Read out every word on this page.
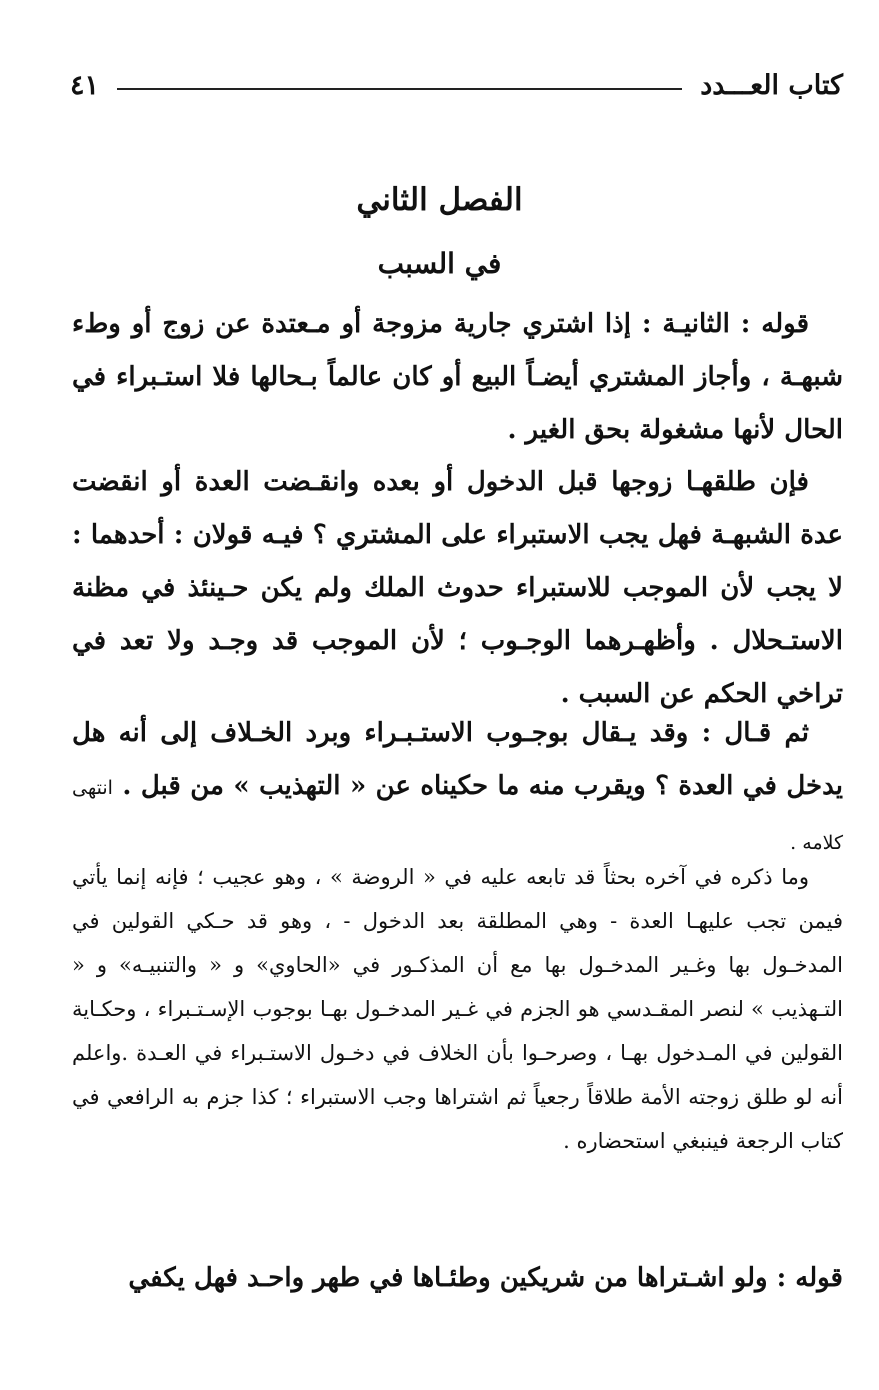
كتاب العـــدد
٤١
الفصل الثاني
في السبب

قوله : الثانيـة : إذا اشتري جارية مزوجة أو مـعتدة عن زوج أو وطء شبهـة ، وأجاز المشتري أيضـاً البيع أو كان عالماً بـحالها فلا استـبراء في الحال لأنها مشغولة بحق الغير .

فإن طلقهـا زوجها قبل الدخول أو بعده وانقـضت العدة أو انقضت عدة الشبهـة فهل يجب الاستبراء على المشتري ؟ فيـه قولان : أحدهما : لا يجب لأن الموجب للاستبراء حدوث الملك ولم يكن حـينئذ في مظنة الاستـحلال . وأظهـرهما الوجـوب ؛ لأن الموجب قد وجـد ولا تعد في تراخي الحكم عن السبب .

ثم قـال : وقد يـقال بوجـوب الاستـبـراء وبرد الخـلاف إلى أنه هل يدخل في العدة ؟ ويقرب منه ما حكيناه عن « التهذيب » من قبل . انتهى كلامه .

وما ذكره في آخره بحثاً قد تابعه عليه في « الروضة » ، وهو عجيب ؛ فإنه إنما يأتي فيمن تجب عليهـا العدة - وهي المطلقة بعد الدخول - ، وهو قد حـكي القولين في المدخـول بها وغـير المدخـول بها مع أن المذكـور في «الحاوي» و « والتنبيـه» و « التـهذيب » لنصر المقـدسي هو الجزم في غـير المدخـول بهـا بوجوب الإسـتـبراء ، وحكـاية القولين في المـدخول بهـا ، وصرحـوا بأن الخلاف في دخـول الاستـبراء في العـدة .واعلم أنه لو طلق زوجته الأمة طلاقاً رجعياً ثم اشتراها وجب الاستبراء ؛ كذا جزم به الرافعي في كتاب الرجعة فينبغي استحضاره .

قوله : ولو اشـتراها من شريكين وطئـاها في طهر واحـد فهل يكفي
